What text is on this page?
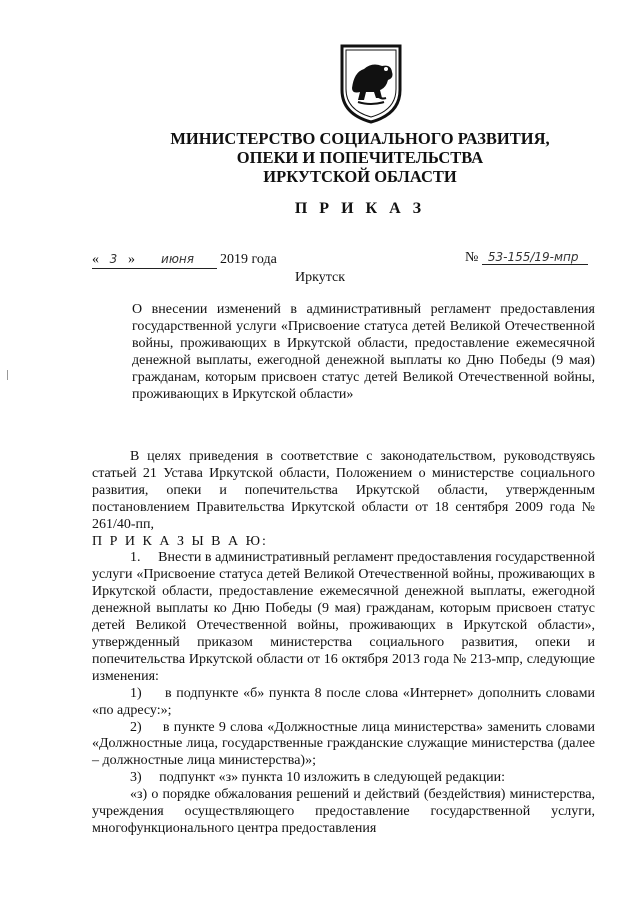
МИНИСТЕРСТВО СОЦИАЛЬНОГО РАЗВИТИЯ,
ОПЕКИ И ПОПЕЧИТЕЛЬСТВА
ИРКУТСКОЙ ОБЛАСТИ
П Р И К А З
« 3 » июня 2019 года	№ 53-155/19-мпр
Иркутск
О внесении изменений в административный регламент предоставления государственной услуги «Присвоение статуса детей Великой Отечественной войны, проживающих в Иркутской области, предоставление ежемесячной денежной выплаты, ежегодной денежной выплаты ко Дню Победы (9 мая) гражданам, которым присвоен статус детей Великой Отечественной войны, проживающих в Иркутской области»

В целях приведения в соответствие с законодательством, руководствуясь статьей 21 Устава Иркутской области, Положением о министерстве социального развития, опеки и попечительства Иркутской области, утвержденным постановлением Правительства Иркутской области от 18 сентября 2009 года № 261/40-пп,

П Р И К А З Ы В А Ю:

1.     Внести в административный регламент предоставления государственной услуги «Присвоение статуса детей Великой Отечественной войны, проживающих в Иркутской области, предоставление ежемесячной денежной выплаты, ежегодной денежной выплаты ко Дню Победы (9 мая) гражданам, которым присвоен статус детей Великой Отечественной войны, проживающих в Иркутской области», утвержденный приказом министерства социального развития, опеки и попечительства Иркутской области от 16 октября 2013 года № 213-мпр, следующие изменения:

1)     в подпункте «б» пункта 8 после слова «Интернет» дополнить словами «по адресу:»;

2)     в пункте 9 слова «Должностные лица министерства» заменить словами «Должностные лица, государственные гражданские служащие министерства (далее – должностные лица министерства)»;

3)     подпункт «з» пункта 10 изложить в следующей редакции:

«з) о порядке обжалования решений и действий (бездействия) министерства, учреждения осуществляющего предоставление государственной услуги, многофункционального центра предоставления
